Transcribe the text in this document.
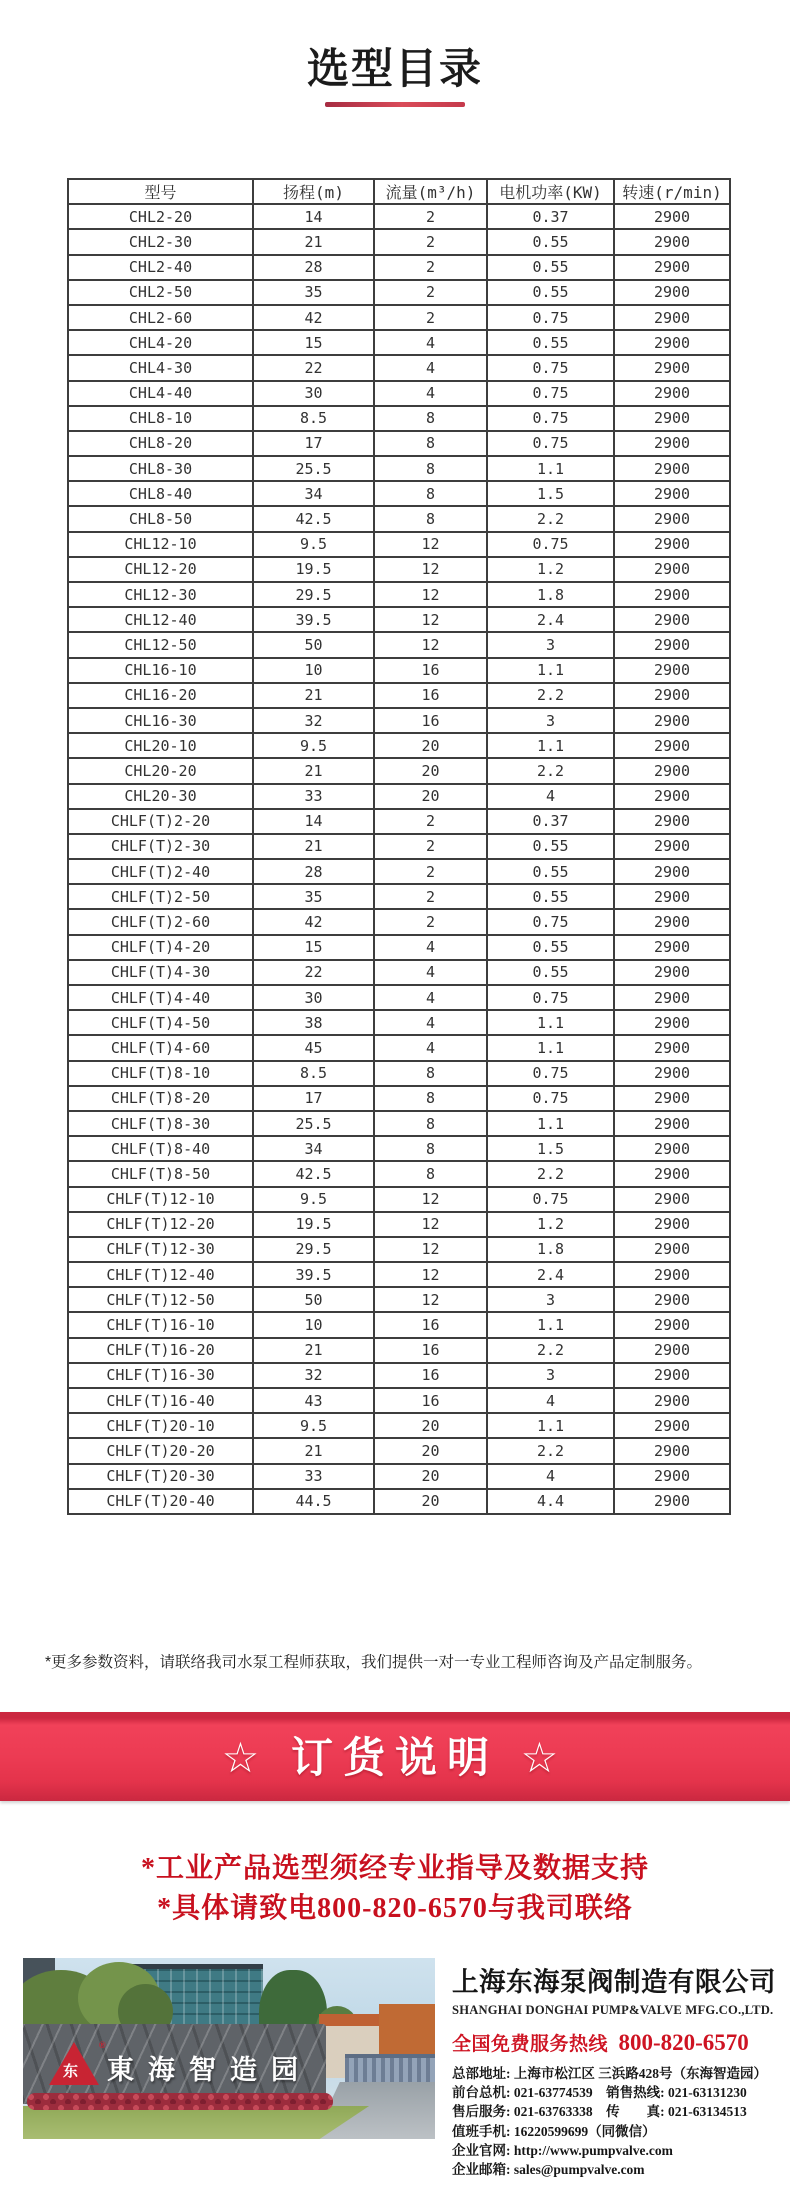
选型目录
型号	扬程(m)	流量(m³/h)	电机功率(KW)	转速(r/min)
CHL2-20	14	2	0.37	2900
CHL2-30	21	2	0.55	2900
CHL2-40	28	2	0.55	2900
CHL2-50	35	2	0.55	2900
CHL2-60	42	2	0.75	2900
CHL4-20	15	4	0.55	2900
CHL4-30	22	4	0.75	2900
CHL4-40	30	4	0.75	2900
CHL8-10	8.5	8	0.75	2900
CHL8-20	17	8	0.75	2900
CHL8-30	25.5	8	1.1	2900
CHL8-40	34	8	1.5	2900
CHL8-50	42.5	8	2.2	2900
CHL12-10	9.5	12	0.75	2900
CHL12-20	19.5	12	1.2	2900
CHL12-30	29.5	12	1.8	2900
CHL12-40	39.5	12	2.4	2900
CHL12-50	50	12	3	2900
CHL16-10	10	16	1.1	2900
CHL16-20	21	16	2.2	2900
CHL16-30	32	16	3	2900
CHL20-10	9.5	20	1.1	2900
CHL20-20	21	20	2.2	2900
CHL20-30	33	20	4	2900
CHLF(T)2-20	14	2	0.37	2900
CHLF(T)2-30	21	2	0.55	2900
CHLF(T)2-40	28	2	0.55	2900
CHLF(T)2-50	35	2	0.55	2900
CHLF(T)2-60	42	2	0.75	2900
CHLF(T)4-20	15	4	0.55	2900
CHLF(T)4-30	22	4	0.55	2900
CHLF(T)4-40	30	4	0.75	2900
CHLF(T)4-50	38	4	1.1	2900
CHLF(T)4-60	45	4	1.1	2900
CHLF(T)8-10	8.5	8	0.75	2900
CHLF(T)8-20	17	8	0.75	2900
CHLF(T)8-30	25.5	8	1.1	2900
CHLF(T)8-40	34	8	1.5	2900
CHLF(T)8-50	42.5	8	2.2	2900
CHLF(T)12-10	9.5	12	0.75	2900
CHLF(T)12-20	19.5	12	1.2	2900
CHLF(T)12-30	29.5	12	1.8	2900
CHLF(T)12-40	39.5	12	2.4	2900
CHLF(T)12-50	50	12	3	2900
CHLF(T)16-10	10	16	1.1	2900
CHLF(T)16-20	21	16	2.2	2900
CHLF(T)16-30	32	16	3	2900
CHLF(T)16-40	43	16	4	2900
CHLF(T)20-10	9.5	20	1.1	2900
CHLF(T)20-20	21	20	2.2	2900
CHLF(T)20-30	33	20	4	2900
CHLF(T)20-40	44.5	20	4.4	2900
*更多参数资料，请联络我司水泵工程师获取，我们提供一对一专业工程师咨询及产品定制服务。
☆ 订货说明 ☆
*工业产品选型须经专业指导及数据支持
*具体请致电800-820-6570与我司联络
东
®
東海智造园
上海东海泵阀制造有限公司
SHANGHAI DONGHAI PUMP&VALVE MFG.CO.,LTD.
全国免费服务热线 800-820-6570
总部地址: 上海市松江区 三浜路428号（东海智造园）
前台总机: 021-63774539　销售热线: 021-63131230
售后服务: 021-63763338　传　　真: 021-63134513
值班手机: 16220599699（同微信）
企业官网: http://www.pumpvalve.com
企业邮箱: sales@pumpvalve.com
